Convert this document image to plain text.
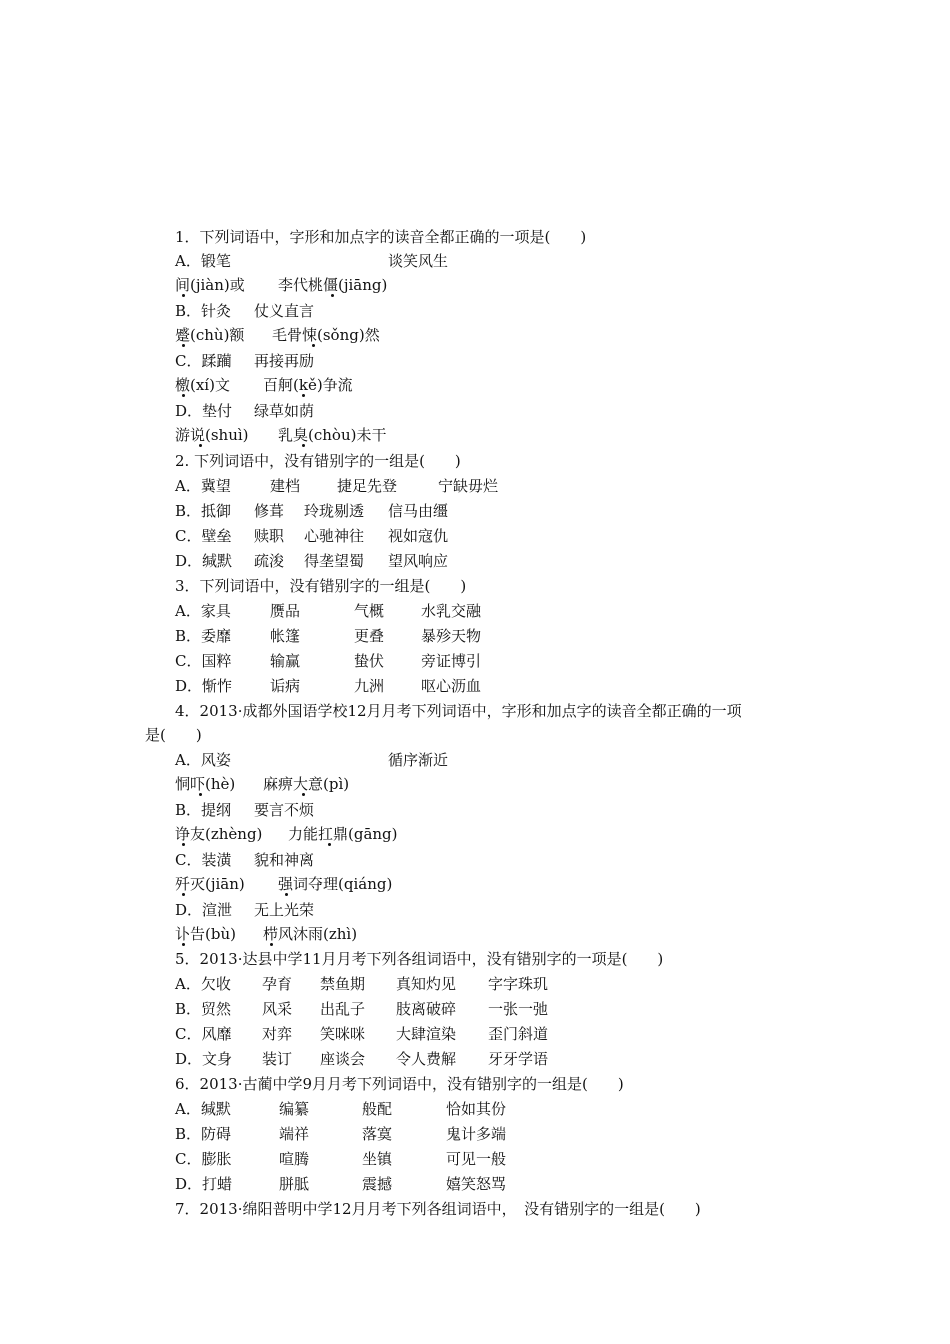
1．下列词语中，字形和加点字的读音全都正确的一项是(　　)
A．锻笔	谈笑风生
间(jiàn)或 李代桃僵(jiāng)
B．针灸 仗义直言
蹙(chù)额 毛骨悚(sǒng)然
C．蹂躏 再接再励
檄(xí)文 百舸(kě)争流
D．垫付 绿草如荫
游说(shuì) 乳臭(chòu)未干
2. 下列词语中，没有错别字的一组是(　　)
A．冀望	建档 捷足先登	宁缺毋烂
B．抵御 修葺 玲珑剔透 信马由缰
C．壁垒 赎职 心驰神往 视如寇仇
D．缄默 疏浚 得垄望蜀 望风响应
3．下列词语中，没有错别字的一组是(　　)
A．家具	赝品	气概 水乳交融
B．委靡	帐篷	更叠 暴殄天物
C．国粹	输赢	蛰伏 旁证博引
D．惭怍	诟病	九洲 呕心沥血
4．2013·成都外国语学校12月月考下列词语中，字形和加点字的读音全都正确的一项
是(　　)
A．风姿	循序渐近
恫吓(hè) 麻痹大意(pì)
B．提纲 要言不烦
诤友(zhèng) 力能扛鼎(gāng)
C．装潢 貌和神离
歼灭(jiān) 强词夺理(qiáng)
D．渲泄 无上光荣
讣告(bù) 栉风沐雨(zhì)
5．2013·达县中学11月月考下列各组词语中，没有错别字的一项是(　　)
A．欠收 孕育 禁鱼期 真知灼见 字字珠玑
B．贸然 风采 出乱子 肢离破碎 一张一弛
C．风靡 对弈 笑咪咪 大肆渲染 歪门斜道
D．文身 装订 座谈会 令人费解 牙牙学语
6．2013·古蔺中学9月月考下列词语中，没有错别字的一组是(　　)
A．缄默	编纂	般配	恰如其份
B．防碍	端祥	落寞	鬼计多端
C．膨胀	喧腾	坐镇	可见一般
D．打蜡	胼胝	震撼	嬉笑怒骂
7．2013·绵阳普明中学12月月考下列各组词语中，　没有错别字的一组是(　　)
